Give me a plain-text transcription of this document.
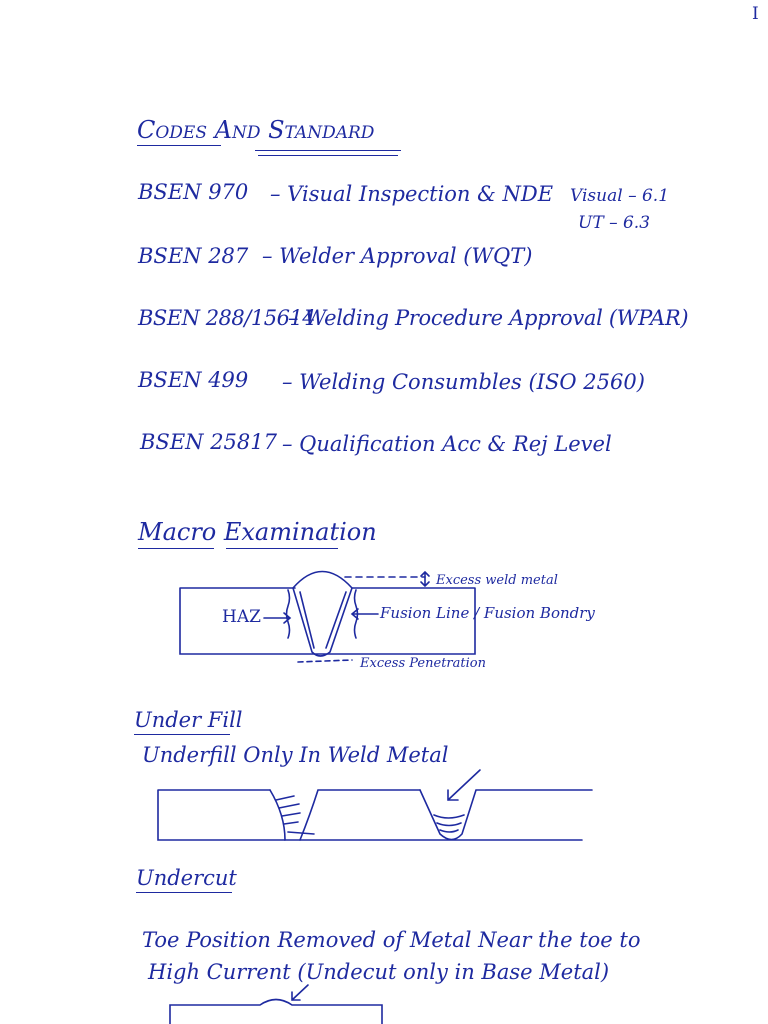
I
Codes And Standard
BSEN 970 – Visual Inspection & NDE Visual – 6.1
UT – 6.3
BSEN 287 – Welder Approval (WQT)
BSEN 288/15614
– Welding Procedure Approval (WPAR)
BSEN 499 – Welding Consumbles (ISO 2560)
BSEN 25817 – Qualification Acc & Rej Level
Macro Examination
HAZ
Excess weld metal
Fusion Line / Fusion Bondry
Excess Penetration
Under Fill
Underfill Only In Weld Metal
Undercut
Toe Position Removed of Metal Near the toe to
High Current (Undecut only in Base Metal)
